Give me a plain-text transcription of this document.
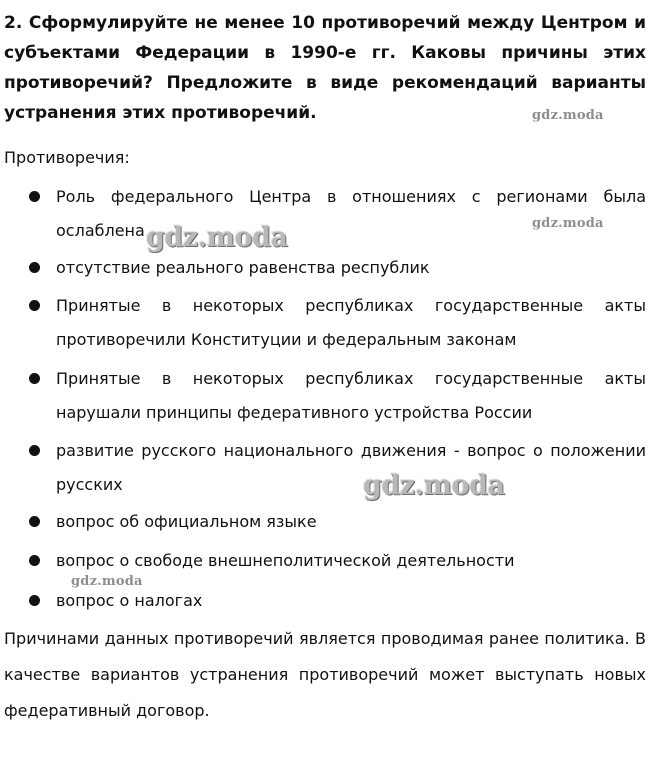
2. Сформулируйте не менее 10 противоречий между Центром и субъектами Федерации в 1990-е гг. Каковы причины этих противоречий? Предложите в виде рекомендаций варианты устранения этих противоречий.

Противоречия:

Роль федерального Центра в отношениях с регионами была ослаблена
отсутствие реального равенства республик
Принятые в некоторых республиках государственные акты противоречили Конституции и федеральным законам
Принятые в некоторых республиках государственные акты нарушали принципы федеративного устройства России
развитие русского национального движения - вопрос о положении русских
вопрос об официальном языке
вопрос о свободе внешнеполитической деятельности
вопрос о налогах

Причинами данных противоречий является проводимая ранее политика. В качестве вариантов устранения противоречий может выступать новых федеративный договор.

gdz.moda
gdz.moda
gdz.moda
gdz.moda
gdz.moda
